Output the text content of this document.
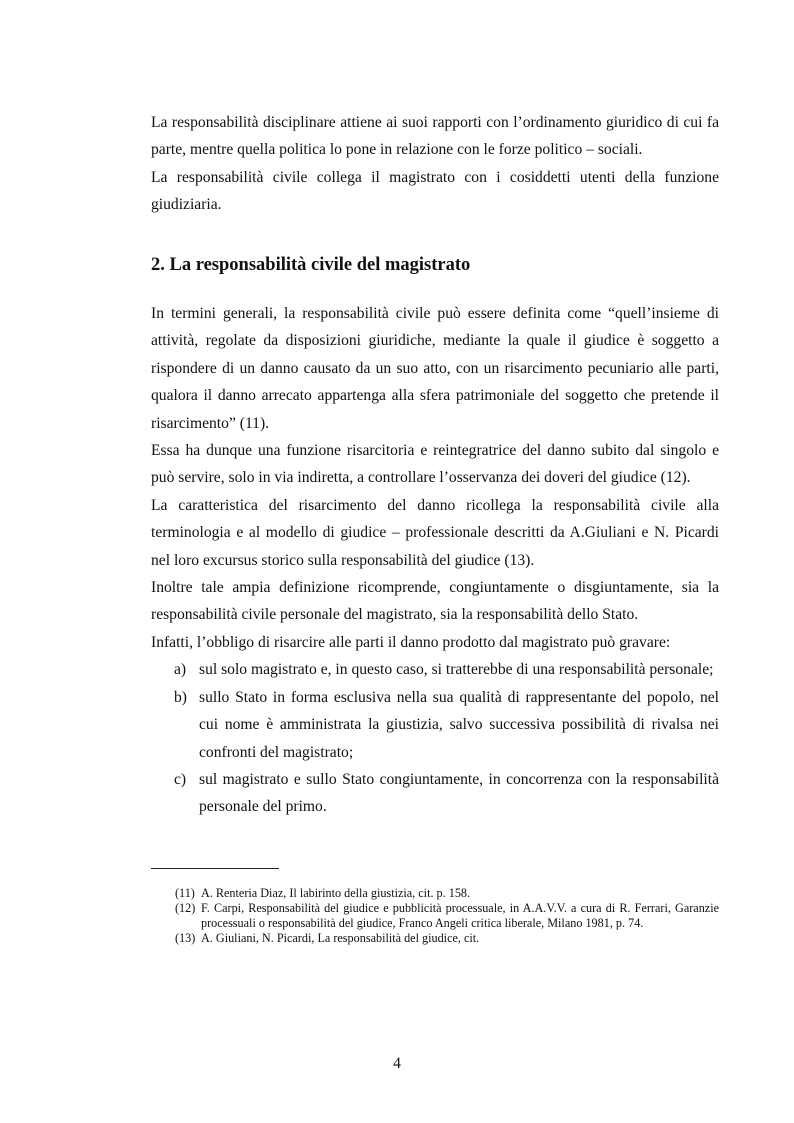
La responsabilità disciplinare attiene ai suoi rapporti con l’ordinamento giuridico di cui fa parte, mentre quella politica lo pone in relazione con le forze politico – sociali.

La responsabilità civile collega il magistrato con i cosiddetti utenti della funzione giudiziaria.

2. La responsabilità civile del magistrato

In termini generali, la responsabilità civile può essere definita come “quell’insieme di attività, regolate da disposizioni giuridiche, mediante la quale il giudice è soggetto a rispondere di un danno causato da un suo atto, con un risarcimento pecuniario alle parti, qualora il danno arrecato appartenga alla sfera patrimoniale del soggetto che pretende il risarcimento” (11).

Essa ha dunque una funzione risarcitoria e reintegratrice del danno subito dal singolo e può servire, solo in via indiretta, a controllare l’osservanza dei doveri del giudice (12).

La caratteristica del risarcimento del danno ricollega la responsabilità civile alla terminologia e al modello di giudice – professionale descritti da A.Giuliani e N. Picardi nel loro excursus storico sulla responsabilità del giudice (13).

Inoltre tale ampia definizione ricomprende, congiuntamente o disgiuntamente, sia la responsabilità civile personale del magistrato, sia la responsabilità dello Stato.

Infatti, l’obbligo di risarcire alle parti il danno prodotto dal magistrato può gravare:

a) sul solo magistrato e, in questo caso, si tratterebbe di una responsabilità personale;
b) sullo Stato in forma esclusiva nella sua qualità di rappresentante del popolo, nel cui nome è amministrata la giustizia, salvo successiva possibilità di rivalsa nei confronti del magistrato;
c) sul magistrato e sullo Stato congiuntamente, in concorrenza con la responsabilità personale del primo.

(11) A. Renteria Diaz, Il labirinto della giustizia, cit. p. 158.

(12) F. Carpi, Responsabilità del giudice e pubblicità processuale, in A.A.V.V. a cura di R. Ferrari, Garanzie processuali o responsabilità del giudice, Franco Angeli critica liberale, Milano 1981, p. 74.

(13) A. Giuliani, N. Picardi, La responsabilità del giudice, cit.

4
